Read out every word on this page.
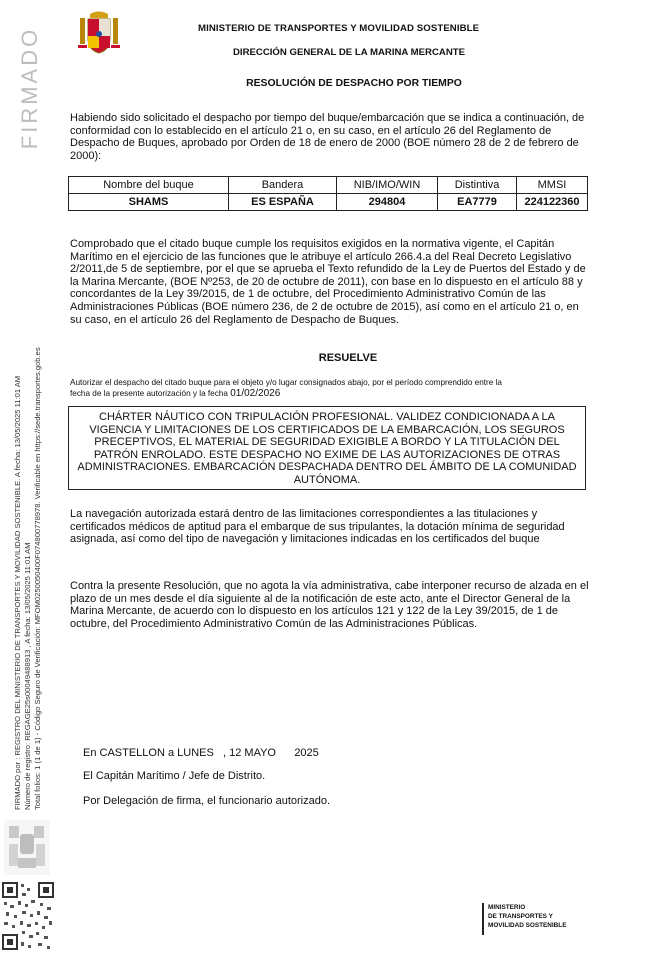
FIRMADO
FIRMADO por : REGISTRO DEL MINISTERIO DE TRANSPORTES Y MOVILIDAD SOSTENIBLE. A fecha: 13/05/2025 11:01 AM Número de registro: REGAGE25s00049488913 , A fecha: 13/05/2025 11:01 AM Total folios: 1 (1 de 1) - Código Seguro de Verificación: MFOM0250050400F074800778978. Verificable en https://sede.transportes.gob.es
MINISTERIO DE TRANSPORTES Y MOVILIDAD SOSTENIBLE
DIRECCIÓN GENERAL DE LA MARINA MERCANTE
RESOLUCIÓN DE DESPACHO POR TIEMPO
Habiendo sido solicitado el despacho por tiempo del buque/embarcación que se indica a continuación, de conformidad con lo establecido en el artículo 21 o, en su caso, en el artículo 26 del Reglamento de Despacho de Buques, aprobado por Orden de 18 de enero de 2000 (BOE número 28 de 2 de febrero de 2000):
Nombre del buque	Bandera	NIB/IMO/WIN	Distintiva	MMSI
SHAMS	ES ESPAÑA	294804	EA7779	224122360
Comprobado que el citado buque cumple los requisitos exigidos en la normativa vigente, el Capitán Marítimo en el ejercicio de las funciones que le atribuye el artículo 266.4.a del Real Decreto Legislativo 2/2011,de 5 de septiembre, por el que se aprueba el Texto refundido de la Ley de Puertos del Estado y de la Marina Mercante, (BOE Nº253, de 20 de octubre de 2011), con base en lo dispuesto en el artículo 88 y concordantes de la Ley 39/2015, de 1 de octubre, del Procedimiento Administrativo Común de las Administraciones Públicas (BOE número 236, de 2 de octubre de 2015), así como en el artículo 21 o, en su caso, en el artículo 26 del Reglamento de Despacho de Buques.
RESUELVE
Autorizar el despacho del citado buque para el objeto y/o lugar consignados abajo, por el período comprendido entre la fecha de la presente autorización y la fecha 01/02/2026
CHÁRTER NÁUTICO CON TRIPULACIÓN PROFESIONAL. VALIDEZ CONDICIONADA A LA VIGENCIA Y LIMITACIONES DE LOS CERTIFICADOS DE LA EMBARCACIÓN, LOS SEGUROS PRECEPTIVOS, EL MATERIAL DE SEGURIDAD EXIGIBLE A BORDO Y LA TITULACIÓN DEL PATRÓN ENROLADO. ESTE DESPACHO NO EXIME DE LAS AUTORIZACIONES DE OTRAS ADMINISTRACIONES. EMBARCACIÓN DESPACHADA DENTRO DEL ÁMBITO DE LA COMUNIDAD AUTÓNOMA.
La navegación autorizada estará dentro de las limitaciones correspondientes a las titulaciones y certificados médicos de aptitud para el embarque de sus tripulantes, la dotación mínima de seguridad asignada, así como del tipo de navegación y limitaciones indicadas en los certificados del buque
Contra la presente Resolución, que no agota la vía administrativa, cabe interponer recurso de alzada en el plazo de un mes desde el día siguiente al de la notificación de este acto, ante el Director General de la Marina Mercante, de acuerdo con lo dispuesto en los artículos 121 y 122 de la Ley 39/2015, de 1 de octubre, del Procedimiento Administrativo Común de las Administraciones Públicas.
En CASTELLON a LUNES   , 12 MAYO      2025
El Capitán Marítimo / Jefe de Distrito.
Por Delegación de firma, el funcionario autorizado.
MINISTERIO
DE TRANSPORTES Y
MOVILIDAD SOSTENIBLE
